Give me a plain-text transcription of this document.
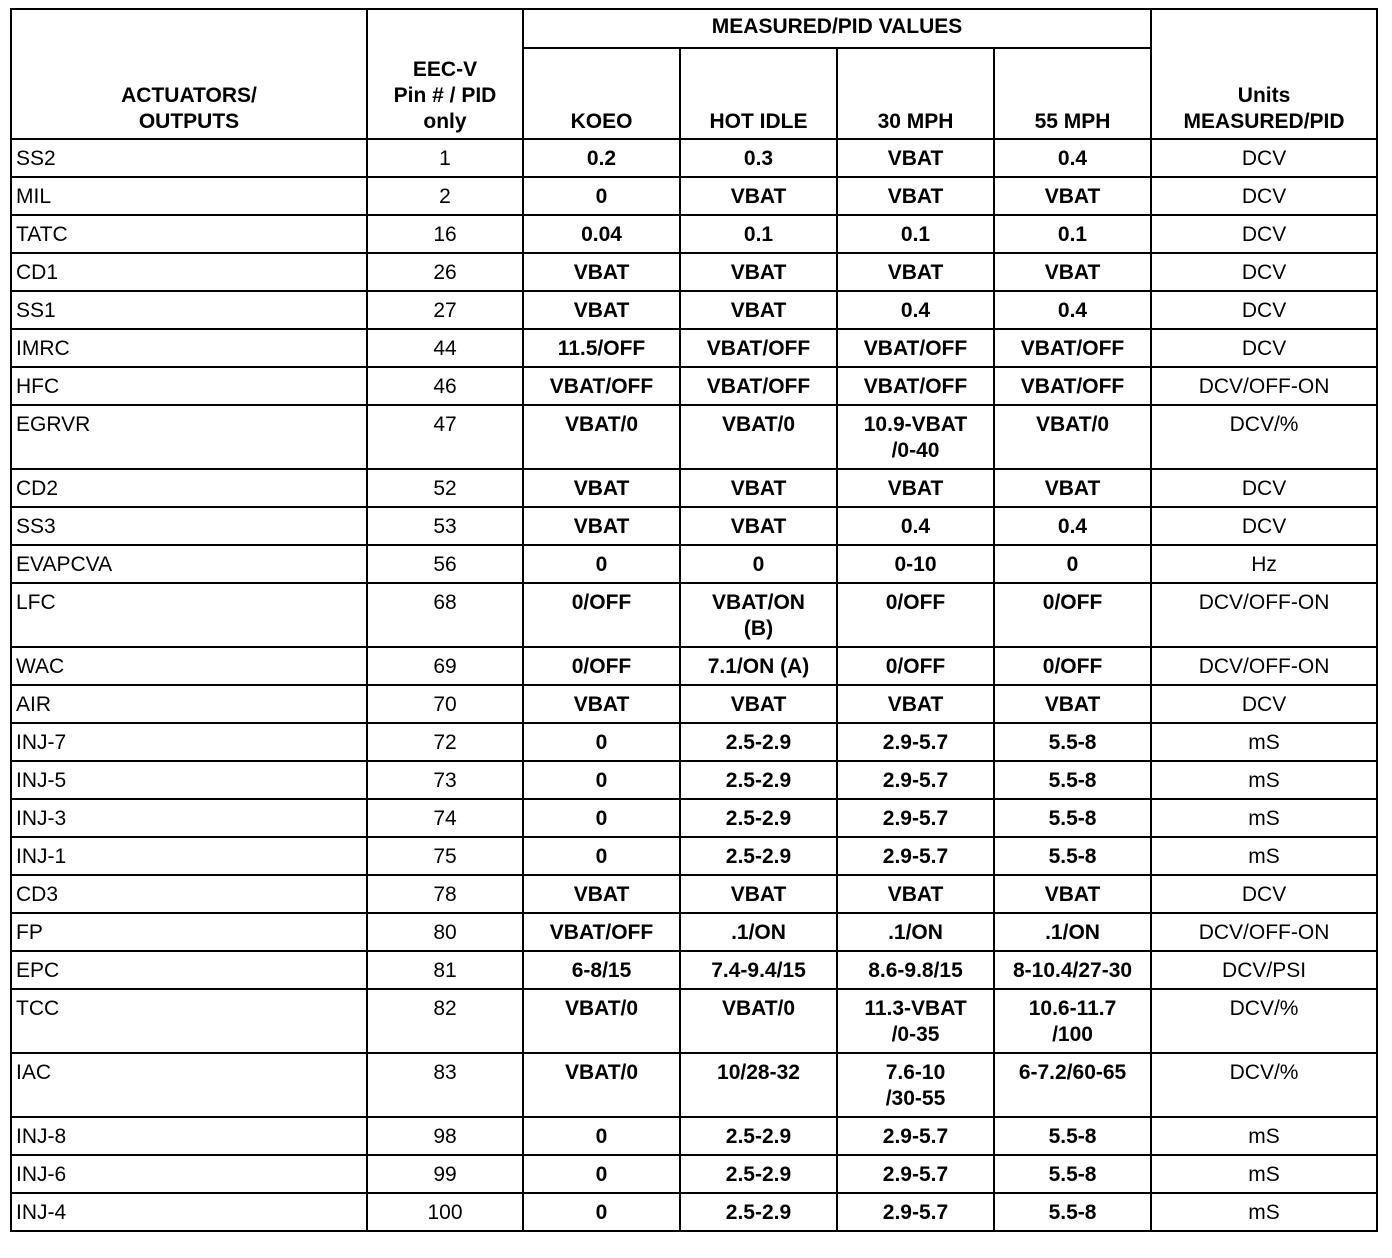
ACTUATORS/
OUTPUTS	EEC-V
Pin # / PID
only	MEASURED/PID VALUES				Units
MEASURED/PID
		KOEO	HOT IDLE	30 MPH	55 MPH	
SS2	1	0.2	0.3	VBAT	0.4	DCV
MIL	2	0	VBAT	VBAT	VBAT	DCV
TATC	16	0.04	0.1	0.1	0.1	DCV
CD1	26	VBAT	VBAT	VBAT	VBAT	DCV
SS1	27	VBAT	VBAT	0.4	0.4	DCV
IMRC	44	11.5/OFF	VBAT/OFF	VBAT/OFF	VBAT/OFF	DCV
HFC	46	VBAT/OFF	VBAT/OFF	VBAT/OFF	VBAT/OFF	DCV/OFF-ON
EGRVR	47	VBAT/0	VBAT/0	10.9-VBAT
/0-40	VBAT/0	DCV/%
CD2	52	VBAT	VBAT	VBAT	VBAT	DCV
SS3	53	VBAT	VBAT	0.4	0.4	DCV
EVAPCVA	56	0	0	0-10	0	Hz
LFC	68	0/OFF	VBAT/ON
(B)	0/OFF	0/OFF	DCV/OFF-ON
WAC	69	0/OFF	7.1/ON (A)	0/OFF	0/OFF	DCV/OFF-ON
AIR	70	VBAT	VBAT	VBAT	VBAT	DCV
INJ-7	72	0	2.5-2.9	2.9-5.7	5.5-8	mS
INJ-5	73	0	2.5-2.9	2.9-5.7	5.5-8	mS
INJ-3	74	0	2.5-2.9	2.9-5.7	5.5-8	mS
INJ-1	75	0	2.5-2.9	2.9-5.7	5.5-8	mS
CD3	78	VBAT	VBAT	VBAT	VBAT	DCV
FP	80	VBAT/OFF	.1/ON	.1/ON	.1/ON	DCV/OFF-ON
EPC	81	6-8/15	7.4-9.4/15	8.6-9.8/15	8-10.4/27-30	DCV/PSI
TCC	82	VBAT/0	VBAT/0	11.3-VBAT
/0-35	10.6-11.7
/100	DCV/%
IAC	83	VBAT/0	10/28-32	7.6-10
/30-55	6-7.2/60-65	DCV/%
INJ-8	98	0	2.5-2.9	2.9-5.7	5.5-8	mS
INJ-6	99	0	2.5-2.9	2.9-5.7	5.5-8	mS
INJ-4	100	0	2.5-2.9	2.9-5.7	5.5-8	mS
